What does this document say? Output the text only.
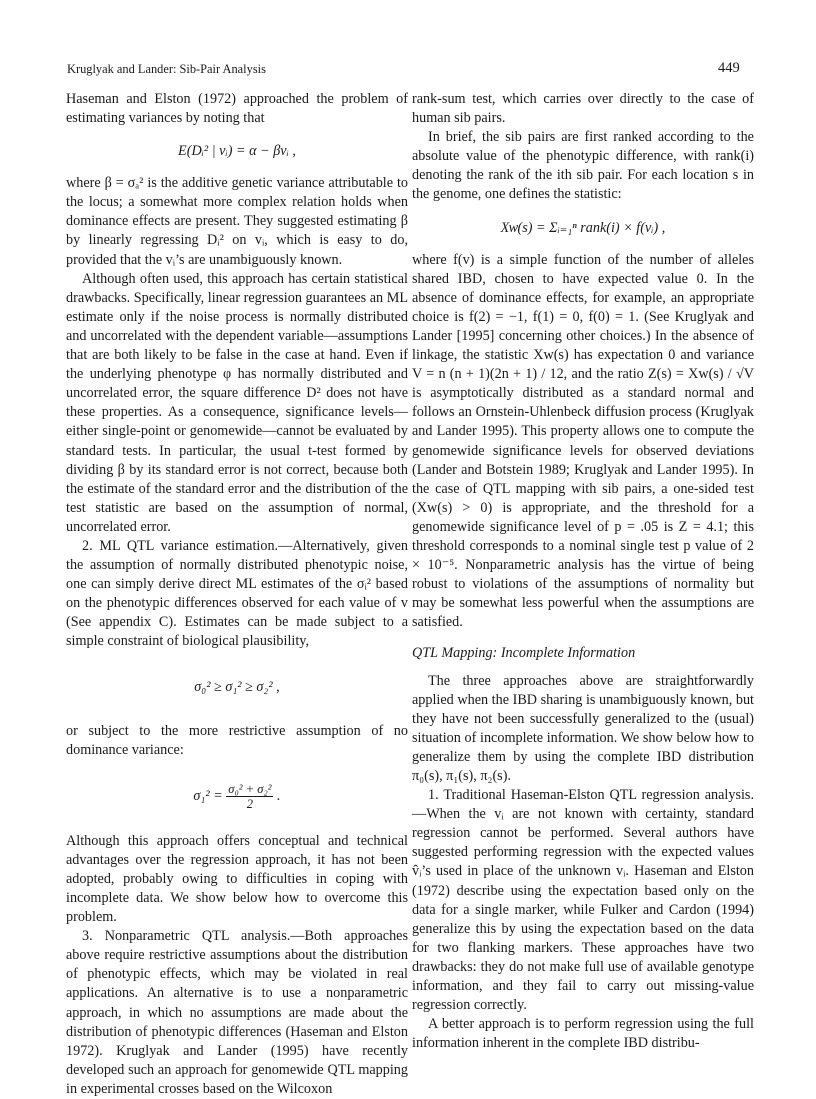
Kruglyak and Lander: Sib-Pair Analysis	449

Haseman and Elston (1972) approached the problem of estimating variances by noting that

E(Dᵢ² | vᵢ) = α − βvᵢ ,

where β = σₐ² is the additive genetic variance attributable to the locus; a somewhat more complex relation holds when dominance effects are present. They suggested estimating β by linearly regressing Dᵢ² on vᵢ, which is easy to do, provided that the vᵢ’s are unambiguously known.

Although often used, this approach has certain statistical drawbacks. Specifically, linear regression guarantees an ML estimate only if the noise process is normally distributed and uncorrelated with the dependent variable—assumptions that are both likely to be false in the case at hand. Even if the underlying phenotype φ has normally distributed and uncorrelated error, the square difference D² does not have these properties. As a consequence, significance levels—either single-point or genomewide—cannot be evaluated by standard tests. In particular, the usual t-test formed by dividing β by its standard error is not correct, because both the estimate of the standard error and the distribution of the test statistic are based on the assumption of normal, uncorrelated error.

2. ML QTL variance estimation.—Alternatively, given the assumption of normally distributed phenotypic noise, one can simply derive direct ML estimates of the σᵢ² based on the phenotypic differences observed for each value of v (See appendix C). Estimates can be made subject to a simple constraint of biological plausibility,

σ₀² ≥ σ₁² ≥ σ₂² ,

or subject to the more restrictive assumption of no dominance variance:

$\sigma_1^2 = \frac{\text{σ₀² + σ₂²}}{2}$ .

Although this approach offers conceptual and technical advantages over the regression approach, it has not been adopted, probably owing to difficulties in coping with incomplete data. We show below how to overcome this problem.

3. Nonparametric QTL analysis.—Both approaches above require restrictive assumptions about the distribution of phenotypic effects, which may be violated in real applications. An alternative is to use a nonparametric approach, in which no assumptions are made about the distribution of phenotypic differences (Haseman and Elston 1972). Kruglyak and Lander (1995) have recently developed such an approach for genomewide QTL mapping in experimental crosses based on the Wilcoxon

rank-sum test, which carries over directly to the case of human sib pairs.

In brief, the sib pairs are first ranked according to the absolute value of the phenotypic difference, with rank(i) denoting the rank of the ith sib pair. For each location s in the genome, one defines the statistic:

Xᴡ(s) = Σᵢ₌₁ⁿ rank(i) × f(vᵢ) ,

where f(v) is a simple function of the number of alleles shared IBD, chosen to have expected value 0. In the absence of dominance effects, for example, an appropriate choice is f(2) = −1, f(1) = 0, f(0) = 1. (See Kruglyak and Lander [1995] concerning other choices.) In the absence of linkage, the statistic Xᴡ(s) has expectation 0 and variance V = n (n + 1)(2n + 1) / 12, and the ratio Z(s) = Xᴡ(s) / √V is asymptotically distributed as a standard normal and follows an Ornstein-Uhlenbeck diffusion process (Kruglyak and Lander 1995). This property allows one to compute the genomewide significance levels for observed deviations (Lander and Botstein 1989; Kruglyak and Lander 1995). In the case of QTL mapping with sib pairs, a one-sided test (Xᴡ(s) > 0) is appropriate, and the threshold for a genomewide significance level of p = .05 is Z = 4.1; this threshold corresponds to a nominal single test p value of 2 × 10⁻⁵. Nonparametric analysis has the virtue of being robust to violations of the assumptions of normality but may be somewhat less powerful when the assumptions are satisfied.

QTL Mapping: Incomplete Information

The three approaches above are straightforwardly applied when the IBD sharing is unambiguously known, but they have not been successfully generalized to the (usual) situation of incomplete information. We show below how to generalize them by using the complete IBD distribution π₀(s), π₁(s), π₂(s).

1. Traditional Haseman-Elston QTL regression analysis.—When the vᵢ are not known with certainty, standard regression cannot be performed. Several authors have suggested performing regression with the expected values v̂ᵢ’s used in place of the unknown vᵢ. Haseman and Elston (1972) describe using the expectation based only on the data for a single marker, while Fulker and Cardon (1994) generalize this by using the expectation based on the data for two flanking markers. These approaches have two drawbacks: they do not make full use of available genotype information, and they fail to carry out missing-value regression correctly.

A better approach is to perform regression using the full information inherent in the complete IBD distribu-
